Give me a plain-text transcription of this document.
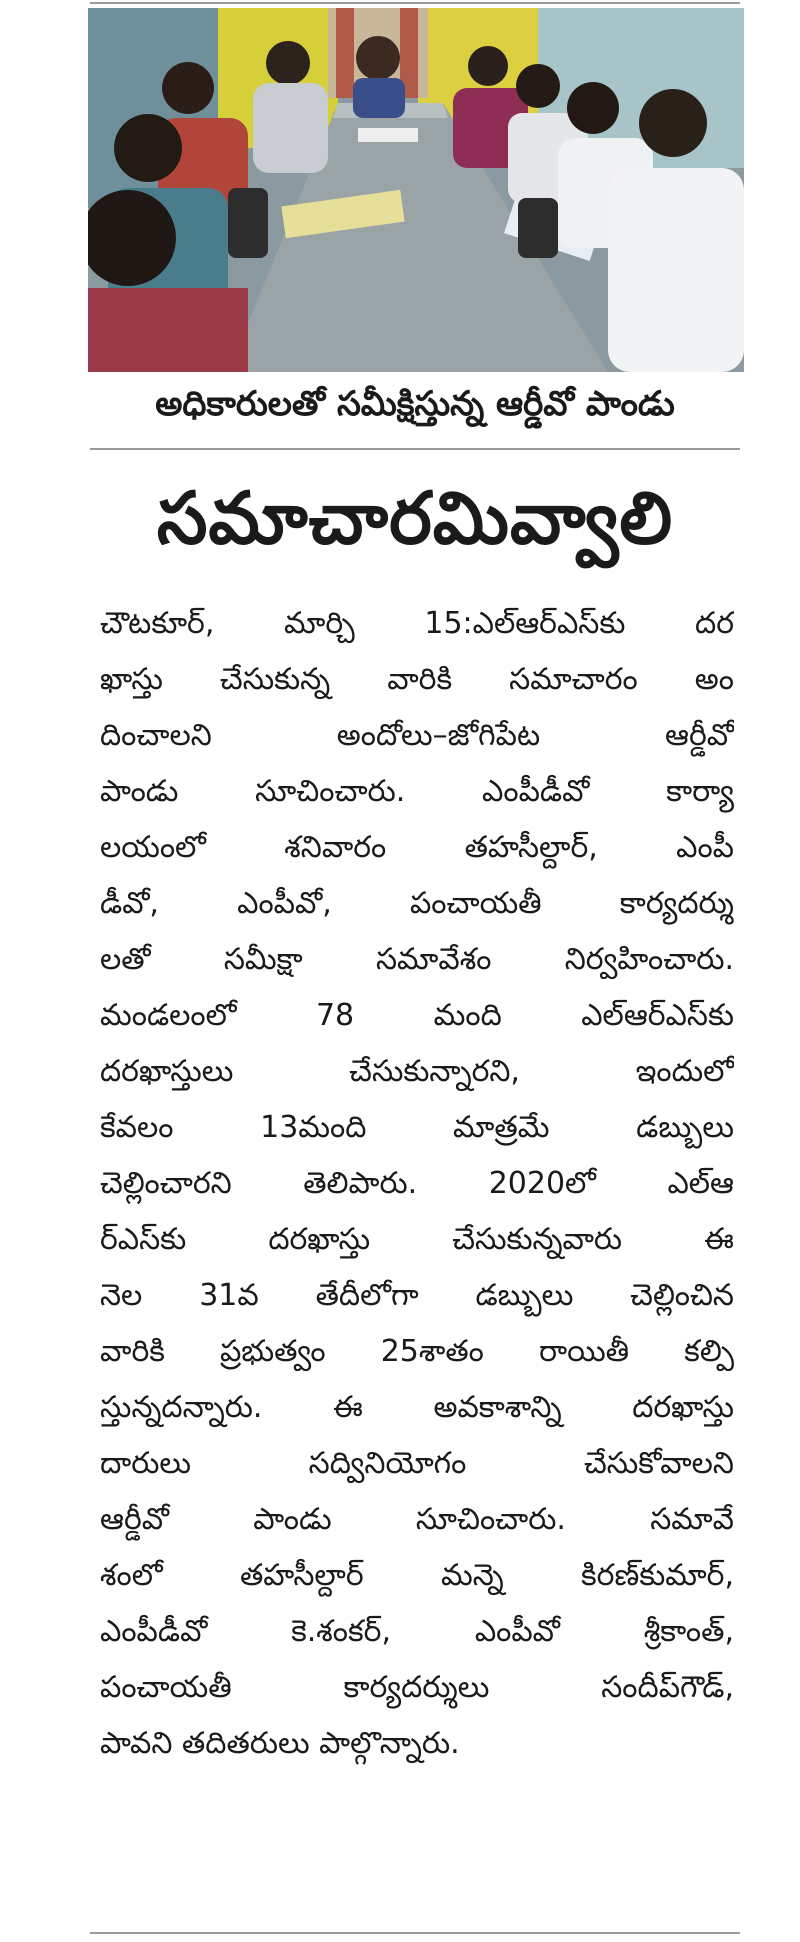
అధికారులతో సమీక్షిస్తున్న ఆర్డీవో పాండు
సమాచారమివ్వాలి
చౌటకూర్, మార్చి 15:ఎల్‌ఆర్‌ఎస్‌కు దర
ఖాస్తు చేసుకున్న వారికి సమాచారం అం
దించాలని అందోలు–జోగిపేట ఆర్డీవో
పాండు సూచించారు. ఎంపీడీవో కార్యా
లయంలో శనివారం తహసీల్దార్, ఎంపీ
డీవో, ఎంపీవో, పంచాయతీ కార్యదర్శు
లతో సమీక్షా సమావేశం నిర్వహించారు.
మండలంలో 78 మంది ఎల్‌ఆర్‌ఎస్‌కు
దరఖాస్తులు చేసుకున్నారని, ఇందులో
కేవలం 13మంది మాత్రమే డబ్బులు
చెల్లించారని తెలిపారు. 2020లో ఎల్‌ఆ
ర్‌ఎస్‌కు దరఖాస్తు చేసుకున్నవారు ఈ
నెల 31వ తేదీలోగా డబ్బులు చెల్లించిన
వారికి ప్రభుత్వం 25శాతం రాయితీ కల్పి
స్తున్నదన్నారు. ఈ అవకాశాన్ని దరఖాస్తు
దారులు సద్వినియోగం చేసుకోవాలని
ఆర్డీవో పాండు సూచించారు. సమావే
శంలో తహసీల్దార్ మన్నె కిరణ్‌కుమార్,
ఎంపీడీవో కె.శంకర్, ఎంపీవో శ్రీకాంత్,
పంచాయతీ కార్యదర్శులు సందీప్‌గౌడ్,
పావని తదితరులు పాల్గొన్నారు.
